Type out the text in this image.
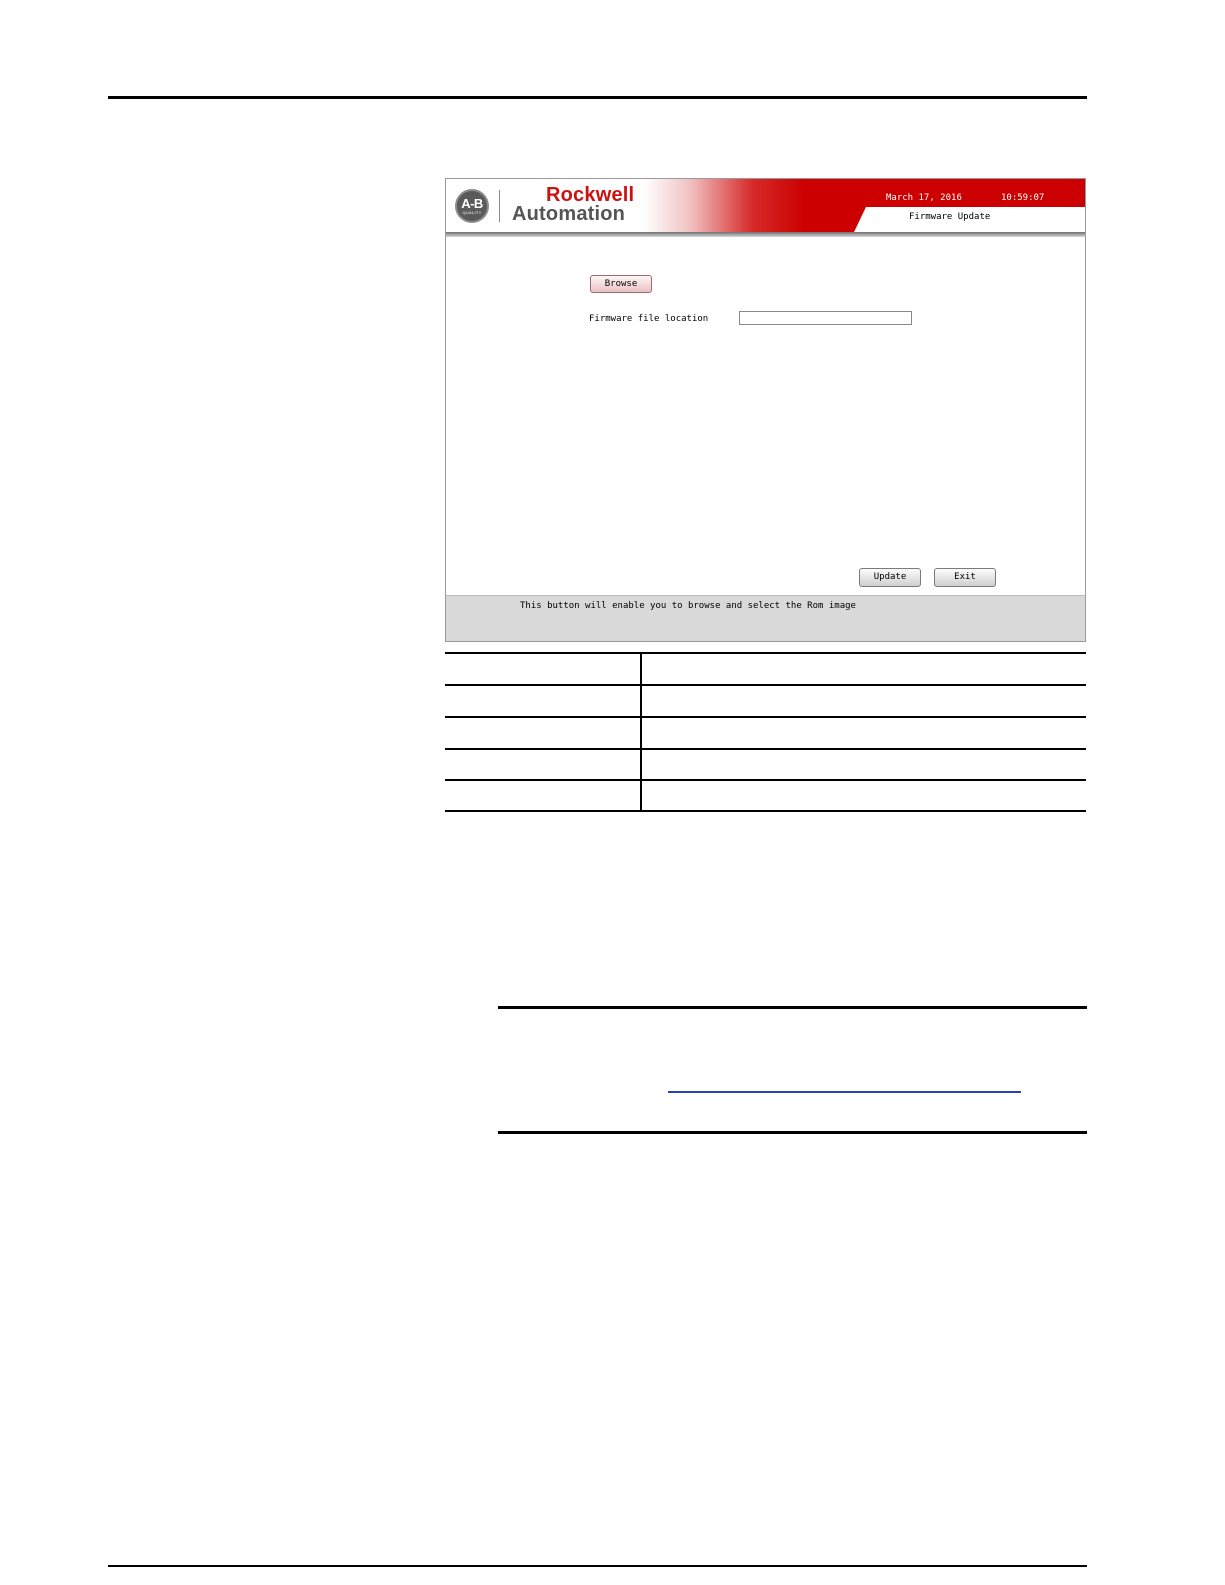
A-B
QUALITY
Rockwell
Automation
March 17, 2016	10:59:07
Firmware Update
Browse
Firmware file location
Update	Exit
This button will enable you to browse and select the Rom image
